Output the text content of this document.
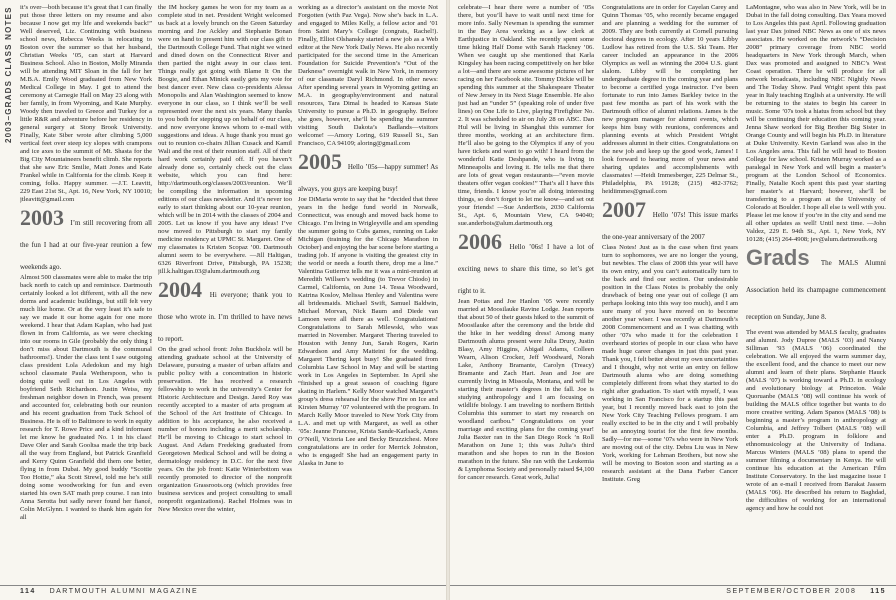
2003–GRADS CLASS NOTES	it’s over—both because it’s great that I can finally put those three letters on my resume and also because I now get my life and weekends back!” Well deserved, Liz. Continuing with business school news, Rebecca Weeks is relocating to Boston over the summer so that her husband, Christian Weeks ’05, can start at Harvard Business School. Also in Boston, Molly Miranda will be attending MIT Sloan in the fall for her M.B.A. Emily Wood graduated from New York Medical College in May. I got to attend the ceremony at Carnegie Hall on May 23 along with her family, in from Wyoming, and Kate Murphy. Woody then traveled to Greece and Turkey for a little R&R and adventure before her residency in general surgery at Stony Brook University. Finally, Kate Siber wrote after climbing 5,000 vertical feet over steep icy slopes with crampons and ice axes to the summit of Mt. Shasta for the Big City Mountaineers benefit climb. She reports that she saw Eric Smilie, Matt Jones and Kate Frankel while in California for the climb. Keep it coming, folks. Happy summer. —J.T. Leavitt, 229 East 21st St., Apt. 16, New York, NY 10010; jtleavitt@gmail.com

2003 I’m still recovering from all the fun I had at our five-year reunion a few weekends ago.

Almost 500 classmates were able to make the trip back north to catch up and reminisce. Dartmouth certainly looked a lot different, with all the new dorms and academic buildings, but still felt very much like home. Or at the very least it’s safe to say we made it our home again for one more weekend. I hear that Adam Kaplan, who had just flown in from California, as we were checking into our rooms in Gile (probably the only thing I don’t miss about Dartmouth is the communal bathrooms!). Under the class tent I saw outgoing class president Lola Adedokun and my high school classmate Paula Wetherspoon, who is doing quite well out in Los Angeles with boyfriend Seth Richardson. Justin Weiss, my freshman neighbor down in French, was present and accounted for, celebrating both our reunion and his recent graduation from Tuck School of Business. He is off to Baltimore to work in equity research for T. Rowe Price and a kind informant let me know he graduated No. 1 in his class! Dave Oler and Sarah Gooltsa made the trip back all the way from England, but Patrick Granfield and Kerry Quinn Granfield did them one better, flying in from Dubai. My good buddy “Scottie Too Hottie,” aka Scott Strewl, told me he’s still doing some woodworking for fun and even started his own SAT math prep course. I ran into Anna Serotta but sadly never found her fiancé, Colin McGlynn. I wanted to thank him again for all

the IM hockey games he won for my team as a complete stud in net. President Wright welcomed us back at a lovely brunch on the Green Saturday morning and Joe Ackley and Stephanie Bonan were on hand to present him with our class gift to the Dartmouth College Fund. That night we wined and dined down on the Connecticut River and then partied the night away in our class tent. Things really got going with Blame It On the Boogie, and Ethan Minick easily gets my vote for best dancer ever. New class co-presidents Alessa Monopolis and Alan Washington seemed to know everyone in our class, so I think we’ll be well represented over the next six years. Many thanks to you both for stepping up on behalf of our class, and now everyone knows whom to e-mail with suggestions and ideas. A huge thank you must go out to reunion co-chairs Jillian Cusack and Kamil Wali and the rest of their reunion staff. All of their hard work certainly paid off. If you haven’t already done so, certainly check out the class website, which you can find here: http://dartmouth.org/classes/2003/reunion. We’ll be compiling the information in upcoming editions of our class newsletter. And it’s never too early to start thinking about our 10-year reunion, which will be in 2014 with the classes of 2004 and 2005. Let us know if you have any ideas! I’ve now moved to Pittsburgh to start my family medicine residency at UPMC St. Margaret. One of my classmates is Kristen Scopaz ’00. Dartmouth alumni seem to be everywhere. —Jill Haltigan, 6326 Riverfront Drive, Pittsburgh, PA 15238; jill.k.haltigan.03@alum.dartmouth.org

2004 Hi everyone; thank you to those who wrote in. I’m thrilled to have news to report.

On the grad school front: John Buckholz will be attending graduate school at the University of Delaware, pursuing a master of urban affairs and public policy with a concentration in historic preservation. He has received a research fellowship to work in the university’s Center for Historic Architecture and Design. Jared Roy was recently accepted to a master of arts program at the School of the Art Institute of Chicago. In addition to his acceptance, he also received a number of honors including a merit scholarship. He’ll be moving to Chicago to start school in August. And Adam Fredeking graduated from Georgetown Medical School and will be doing a dermatology residency in D.C. for the next five years. On the job front: Katie Winterbottom was recently promoted to director of the nonprofit organization Grassroots.org (which provides free business services and project consulting to small nonprofit organizations). Rachel Holmes was in New Mexico over the winter,

working as a director’s assistant on the movie Not Forgotten (with Paz Vega). Now she’s back in L.A. and engaged to Miles Kelly, a fellow actor and ’01 from Saint Mary’s College (congrats, Rachel!). Finally, Elliot Olshansky started a new job as a Web editor at the New York Daily News. He also recently participated for the second time in the American Foundation for Suicide Prevention’s “Out of the Darkness” overnight walk in New York, in memory of our classmate Daryl Richmond. In other news: After spending several years in Wyoming getting an M.A. in geography/environment and natural resources, Tara Dimal is headed to Kansas State University to pursue a Ph.D. in geography. Before she goes, however, she’ll be spending the summer visiting South Dakota’s Badlands—visitors welcome! —Amory Loring, 619 Russell St., San Francisco, CA 94109; aloring@gmail.com

2005 Hello ’05s—happy summer! As always, you guys are keeping busy!

Joe DiMaria wrote to say that he “decided that three years in the hedge fund world in Norwalk, Connecticut, was enough and moved back home to Chicago. I’m living in Wrigleyville and am spending the summer going to Cubs games, running on Lake Michigan (training for the Chicago Marathon in October) and enjoying the bar scene before starting a trading job. If anyone is visiting the greatest city in the world or needs a fourth there, drop me a line.” Valentina Gutierrez tells me it was a mini-reunion at Meredith Willsen’s wedding (to Trevor Chiodo) in Carmel, California, on June 14. Tessa Woodward, Katrina Koslov, Melissa Henley and Valentina were all bridesmaids. Michael Swift, Samuel Baldwin, Michael Morvan, Nick Baum and Diede van Lamoen were all there as well. Congratulations! Congratulations to Sarah Milewski, who was married in November. Margaret Thering traveled to Houston with Jenny Jun, Sarah Rogers, Karin Edwardson and Amy Matteini for the wedding. Margaret Thering kept busy! She graduated from Columbia Law School in May and will be starting work in Los Angeles in September. In April she “finished up a great season of coaching figure skating in Harlem.” Kelly Moor watched Margaret’s group’s dress rehearsal for the show Fire on Ice and Kirsten Murray ’07 volunteered with the program. In March Kelly Moor traveled to New York City from L.A. and met up with Margaret, as well as other ’05s: Jeanne Francese, Krista Sande-Karlsack, Ames O’Neill, Victoria Lee and Becky Bruzzichesi. More congratulations are in order for Merrick Johnston, who is engaged! She had an engagement party in Alaska in June to

114 DARTMOUTH ALUMNI MAGAZINE

celebrate—I hear there were a number of ’05s there, but you’ll have to wait until next time for more info. Sally Newman is spending the summer in the Bay Area working as a law clerk at Earthjustice in Oakland. She recently spent some time hiking Half Dome with Sarah Hackney ’06. When we caught up she mentioned that Karla Kingsley has been racing competitively on her bike a lot—and there are some awesome pictures of her racing on her Facebook site. Tommy Dickie will be spending this summer at the Shakespeare Theater of New Jersey in its Next Stage Ensemble. He also just had an “under 5” (speaking role of under five lines) on One Life to Live, playing Firefighter No. 2. It was scheduled to air on July 28 on ABC. Dan Hul will be living in Shanghai this summer for three months, working at an architecture firm. He’ll also be going to the Olympics if any of you have tickets and want to go with! I heard from the wonderful Katie Deshpande, who is living in Minneapolis and loving it. He tells me that there are lots of great vegan restaurants—“even movie theaters offer vegan cookies!” That’s all I have this time, friends. I know you’re all doing interesting things, so don’t forget to let me know—and set out your friends! —Sue AnderBois, 2030 California St., Apt. 6, Mountain View, CA 94040; sue.anderbois@alum.dartmouth.org

2006 Hello ’06s! I have a lot of exciting news to share this time, so let’s get right to it.

Jean Pottas and Joe Hanlon ’05 were recently married at Moosilauke Ravine Lodge. Jean reports that about 50 of their guests hiked to the summit of Moosilauke after the ceremony and the bride did the hike in her wedding dress! Among many Dartmouth alums present were Julia Drury, Justin Blasy, Amy Higgins, Abigail Adams, Colleen Wearn, Alison Crocker, Jeff Woodward, Norah Lake, Anthony Bramante, Carolyn (Treacy) Bramante and Zach Hart. Jean and Joe are currently living in Missoula, Montana, and will be starting their master’s degrees in the fall. Joe is studying anthropology and I am focusing on wildlife biology. I am traveling to northern British Columbia this summer to start my research on woodland caribou.” Congratulations on your marriage and exciting plans for the coming year! Julia Baxter ran in the San Diego Rock ’n Roll Marathon on June 1; this was Julia’s third marathon and she hopes to run in the Boston marathon in the future. She ran with the Leukemia & Lymphoma Society and personally raised $4,100 for cancer research. Great work, Julia!

Congratulations are in order for Cayelan Carey and Quinn Thomas ’05, who recently became engaged and are planning a wedding for the summer of 2009. They are both currently at Cornell pursuing doctoral degrees in ecology. After 10 years Libby Ludlow has retired from the U.S. Ski Team. Her career included an appearance in the 2006 Olympics as well as winning the 2004 U.S. giant slalom. Libby will be completing her undergraduate degree in the coming year and plans to become a certified yoga instructor. I’ve been fortunate to run into James Barkley twice in the past few months as part of his work with the Dartmouth office of alumni relations. James is the new program manager for alumni events, which keeps him busy with reunions, conferences and planning events at which President Wright addresses alumni in their cities. Congratulations on the new job and keep up the good work, James! I look forward to hearing more of your news and sharing updates and accomplishments with classmates! —Heidi Immesberger, 225 Delmar St., Philadelphia, PA 19128; (215) 482-3762; heidiimmes@gmail.com

2007 Hello ’07s! This issue marks the one-year anniversary of the 2007

Class Notes! Just as is the case when first years turn to sophomores, we are no longer the young, but newbies. The class of 2008 this year will have its own entry, and you can’t automatically turn to the back and find our section. Our undesirable position in the Class Notes is probably the only drawback of being one year out of college (I am perhaps looking into this way too much), and I am sure many of you have moved on to become another year wiser. I was recently at Dartmouth’s 2008 Commencement and as I was chatting with other ’07s who made it for the celebration I overheard stories of people in our class who have made huge career changes in just this past year. Thank you, I felt better about my own uncertainties and I thought, why not write an entry on fellow Dartmouth alums who are doing something completely different from what they started to do right after graduation. To start with myself, I was working in San Francisco for a startup this past year, but I recently moved back east to join the New York City Teaching Fellows program. I am really excited to be in the city and I will probably be an annoying tourist for the first few months. Sadly—for me—some ’07s who were in New York are moving out of the city. Debra Liu was in New York, working for Lehman Brothers, but now she will be moving to Boston soon and starting as a research assistant at the Dana Farber Cancer Institute. Greg

LaMontagne, who was also in New York, will be in Dubai in the fall doing consulting. Dax Yeara moved to Los Angeles this past April. Following graduation last year Dax joined NBC News as one of six news associates. He worked on the network’s “Decision 2008” primary coverage from NBC world headquarters in New York through March, when Dax was promoted and assigned to NBC’s West Coast operation. There he will produce for all network broadcasts, including NBC Nightly News and The Today Show. Paul Wright spent this past year in Italy teaching English at a university. He will be returning to the states to begin his career in music. Some ’07s took a hiatus from school but they will be continuing their education this coming year. Jenna Shaw worked for Big Brother Big Sister in Orange County and will begin his Ph.D. in literature at Duke University. Kevin Garland was also in the Los Angeles area. This fall he will head to Boston College for law school. Kristen Murray worked as a paralegal in New York and will begin a master’s program at the London School of Economics. Finally, Natalie Koch spent this past year starting her master’s at Harvard; however, she’ll be transferring to a program at the University of Colorado at Boulder. I hope all else is well with you. Please let me know if you’re in the city and send me all other updates as well! Until next time. —John Valdez, 229 E. 94th St., Apt. 1, New York, NY 10128; (415) 264-4908; jev@alum.dartmouth.org

Grads The MALS Alumni Association held its champagne commencement reception on Sunday, June 8.

The event was attended by MALS faculty, graduates and alumni. Jody Dupree (MALS ’03) and Nancy Silliman ’93 (MALS ’06) coordinated the celebration. We all enjoyed the warm summer day, the excellent food, and the chance to meet our new alumni and learn of their plans. Stephanie Hauck (MALS ’07) is working toward a Ph.D. in ecology and evolutionary biology at Princeton. Wale Quoruanbe (MALS ’08) will continue his work of building the MALS office together but wants to do more creative writing. Adam Spanos (MALS ’08) is beginning a master’s program in anthropology at Columbia, and Jeffrey Tolbert (MALS ’08) will enter a Ph.D. program in folklore and ethnomusicology at the University of Indiana. Marcus Winters (MALS ’08) plans to spend the summer filming a documentary in Kenya. He will continue his education at the American Film Institute Conservatory. In the last magazine issue I wrote of an e-mail I received from Barakat Jassem (MALS ’06). He described his return to Baghdad, the difficulties of working for an international agency and how he could not

SEPTEMBER/OCTOBER 2008 115
